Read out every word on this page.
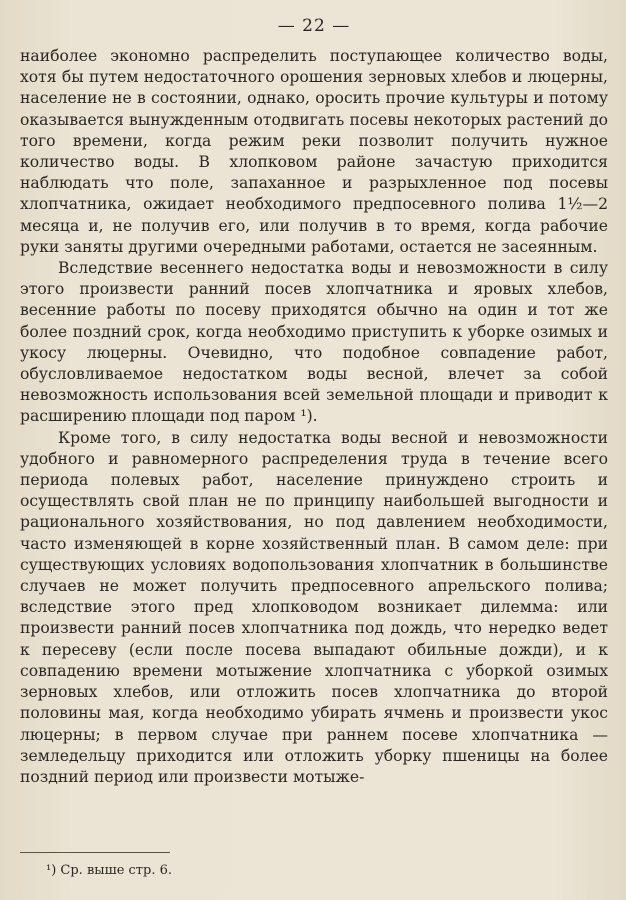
— 22 —

наиболее экономно распределить поступающее количество воды, хотя бы путем недостаточного орошения зерновых хлебов и люцерны, население не в состоянии, однако, оросить прочие культуры и потому оказывается вынужденным отодвигать посевы некоторых растений до того времени, когда режим реки позволит получить нужное количество воды. В хлопковом районе зачастую приходится наблюдать что поле, запаханное и разрыхленное под посевы хлопчатника, ожидает необходимого предпосевного полива 1½—2 месяца и, не получив его, или получив в то время, когда рабочие руки заняты другими очередными работами, остается не засеянным.

Вследствие весеннего недостатка воды и невозможности в силу этого произвести ранний посев хлопчатника и яровых хлебов, весенние работы по посеву приходятся обычно на один и тот же более поздний срок, когда необходимо приступить к уборке озимых и укосу люцерны. Очевидно, что подобное совпадение работ, обусловливаемое недостатком воды весной, влечет за собой невозможность использования всей земельной площади и приводит к расширению площади под паром ¹).

Кроме того, в силу недостатка воды весной и невозможности удобного и равномерного распределения труда в течение всего периода полевых работ, население принуждено строить и осуществлять свой план не по принципу наибольшей выгодности и рационального хозяйствования, но под давлением необходимости, часто изменяющей в корне хозяйственный план. В самом деле: при существующих условиях водопользования хлопчатник в большинстве случаев не может получить предпосевного апрельского полива; вследствие этого пред хлопководом возникает дилемма: или произвести ранний посев хлопчатника под дождь, что нередко ведет к пересеву (если после посева выпадают обильные дожди), и к совпадению времени мотыжение хлопчатника с уборкой озимых зерновых хлебов, или отложить посев хлопчатника до второй половины мая, когда необходимо убирать ячмень и произвести укос люцерны; в первом случае при раннем посеве хлопчатника — земледельцу приходится или отложить уборку пшеницы на более поздний период или произвести мотыже-

¹) Ср. выше стр. 6.
